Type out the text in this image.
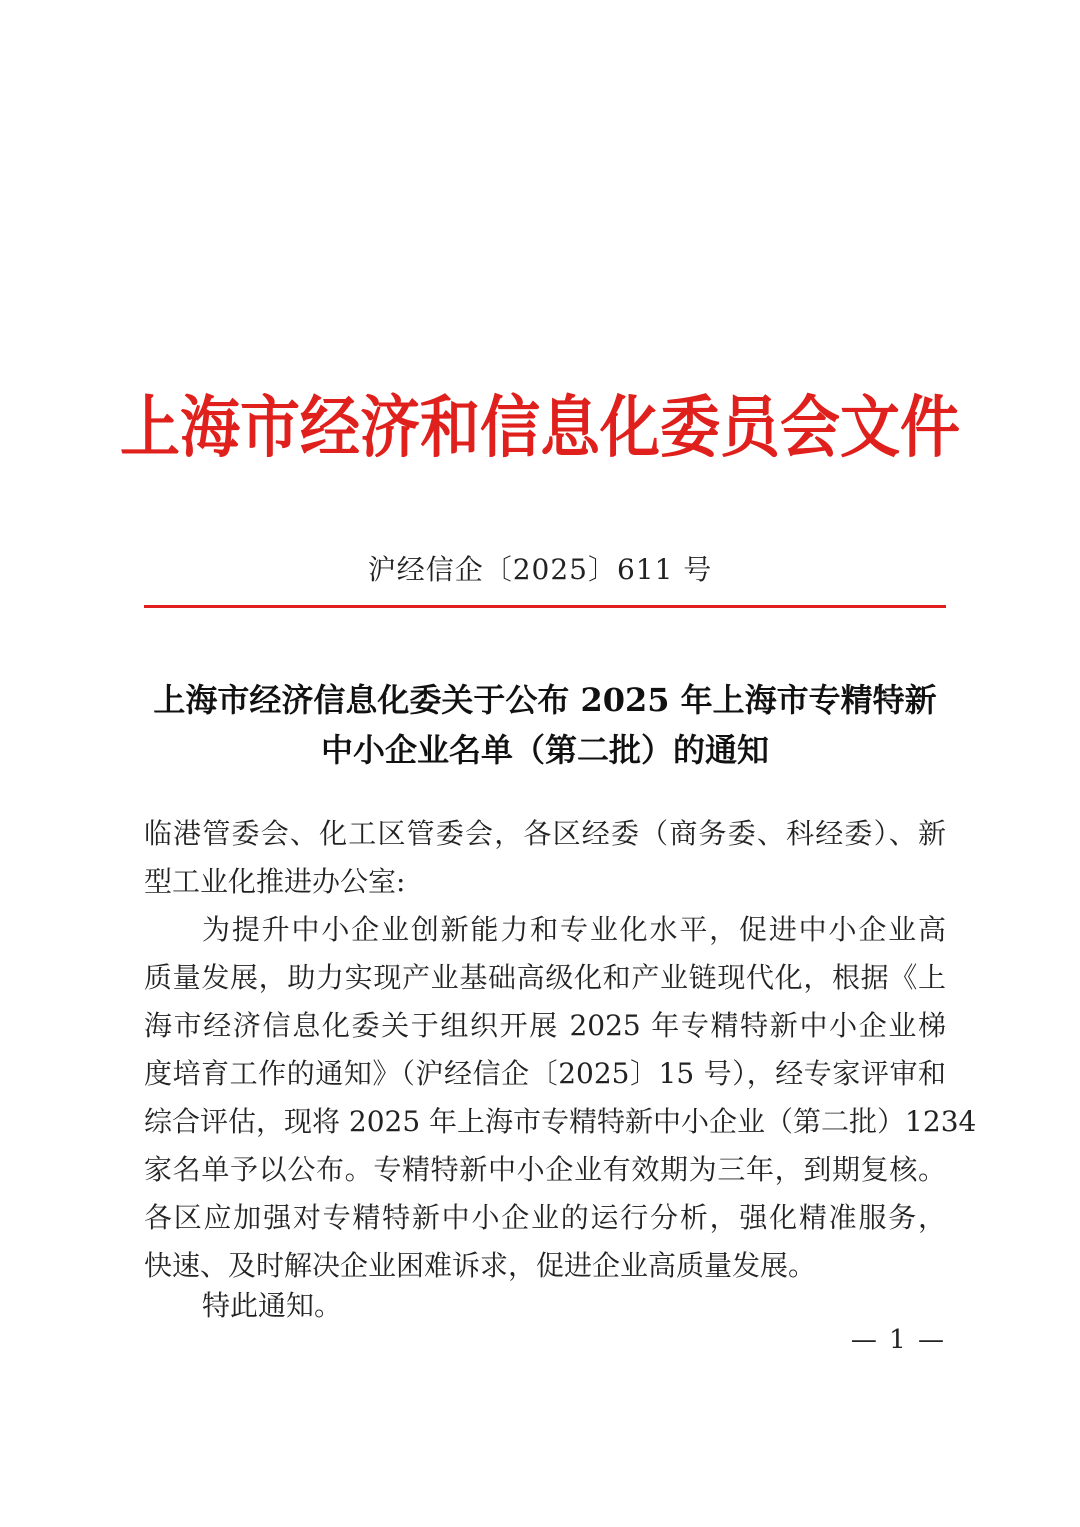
上海市经济和信息化委员会文件
沪经信企〔2025〕611 号
上海市经济信息化委关于公布 2025 年上海市专精特新
中小企业名单（第二批）的通知
临港管委会、化工区管委会，各区经委（商务委、科经委）、新
型工业化推进办公室:
为提升中小企业创新能力和专业化水平，促进中小企业高
质量发展，助力实现产业基础高级化和产业链现代化，根据《上
海市经济信息化委关于组织开展 2025 年专精特新中小企业梯
度培育工作的通知》（沪经信企〔2025〕15 号），经专家评审和
综合评估，现将 2025 年上海市专精特新中小企业（第二批）1234
家名单予以公布。专精特新中小企业有效期为三年，到期复核。
各区应加强对专精特新中小企业的运行分析，强化精准服务，
快速、及时解决企业困难诉求，促进企业高质量发展。
特此通知。
— 1 —
